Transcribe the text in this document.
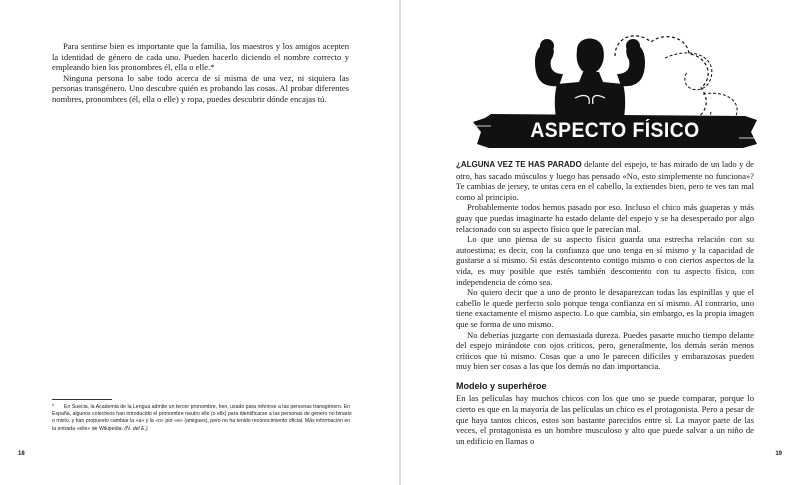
Para sentirse bien es importante que la familia, los maestros y los amigos acepten la identidad de género de cada uno. Pueden hacerlo diciendo el nombre correcto y empleando bien los pronombres él, ella o elle.*

Ninguna persona lo sabe todo acerca de sí misma de una vez, ni siquiera las personas transgénero. Uno descubre quién es probando las cosas. Al probar diferentes nombres, pronombres (él, ella o elle) y ropa, puedes descubrir dónde encajas tú.

* En Suecia, la Academia de la Lengua admite un tercer pronombre, hen, usado para referirse a las personas transgénero. En España, algunos colectivos han introducido el pronombre neutro elle (o ellx) para identificarse a las personas de género no binario o mixto, y han propuesto cambiar la «a» y la «o» por «e» (amigues), pero no ha tenido reconocimiento oficial. Más información en la entrada «elle» de Wikipedia. (N. del E.)
18
ASPECTO FÍSICO

¿ALGUNA VEZ TE HAS PARADO delante del espejo, te has mirado de un lado y de otro, has sacado músculos y luego has pensado «No, esto simplemente no funciona»? Te cambias de jersey, te untas cera en el cabello, la extiendes bien, pero te ves tan mal como al principio.

Probablemente todos hemos pasado por eso. Incluso el chico más guaperas y más guay que puedas imaginarte ha estado delante del espejo y se ha desesperado por algo relacionado con su aspecto físico que le parecían mal.

Lo que uno piensa de su aspecto físico guarda una estrecha relación con su autoestima; es decir, con la confianza que uno tenga en sí mismo y la capacidad de gustarse a sí mismo. Si estás descontento contigo mismo o con ciertos aspectos de la vida, es muy posible que estés también descontento con tu aspecto físico, con independencia de cómo sea.

No quiero decir que a uno de pronto le desaparezcan todas las espinillas y que el cabello le quede perfecto solo porque tenga confianza en sí mismo. Al contrario, uno tiene exactamente el mismo aspecto. Lo que cambia, sin embargo, es la propia imagen que se forma de uno mismo.

No deberías juzgarte con demasiada dureza. Puedes pasarte mucho tiempo delante del espejo mirándote con ojos críticos, pero, generalmente, los demás serán menos críticos que tú mismo. Cosas que a uno le parecen difíciles y embarazosas pueden muy bien ser cosas a las que los demás no dan importancia.

Modelo y superhéroe

En las películas hay muchos chicos con los que uno se puede comparar, porque lo cierto es que en la mayoría de las películas un chico es el protagonista. Pero a pesar de que haya tantos chicos, estos son bastante parecidos entre sí. La mayor parte de las veces, el protagonista es un hombre musculoso y alto que puede salvar a un niño de un edificio en llamas o

19
